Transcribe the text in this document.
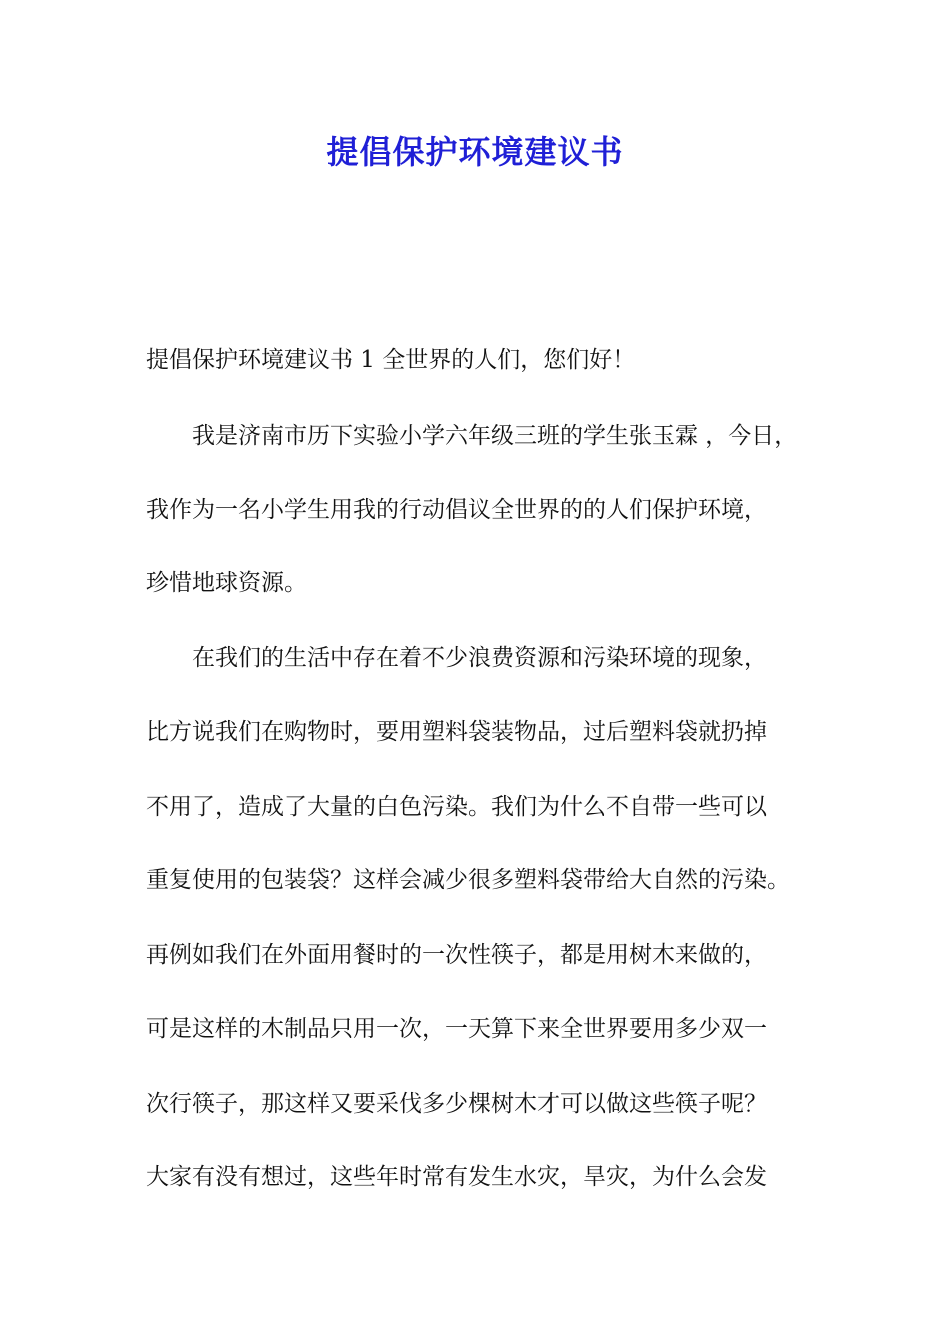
提倡保护环境建议书

提倡保护环境建议书 1 全世界的人们，您们好！

我是济南市历下实验小学六年级三班的学生张玉霖 ，今日，

我作为一名小学生用我的行动倡议全世界的的人们保护环境，

珍惜地球资源。

在我们的生活中存在着不少浪费资源和污染环境的现象，

比方说我们在购物时，要用塑料袋装物品，过后塑料袋就扔掉

不用了，造成了大量的白色污染。我们为什么不自带一些可以

重复使用的包装袋？这样会减少很多塑料袋带给大自然的污染。

再例如我们在外面用餐时的一次性筷子，都是用树木来做的，

可是这样的木制品只用一次，一天算下来全世界要用多少双一

次行筷子，那这样又要采伐多少棵树木才可以做这些筷子呢？

大家有没有想过，这些年时常有发生水灾，旱灾，为什么会发
